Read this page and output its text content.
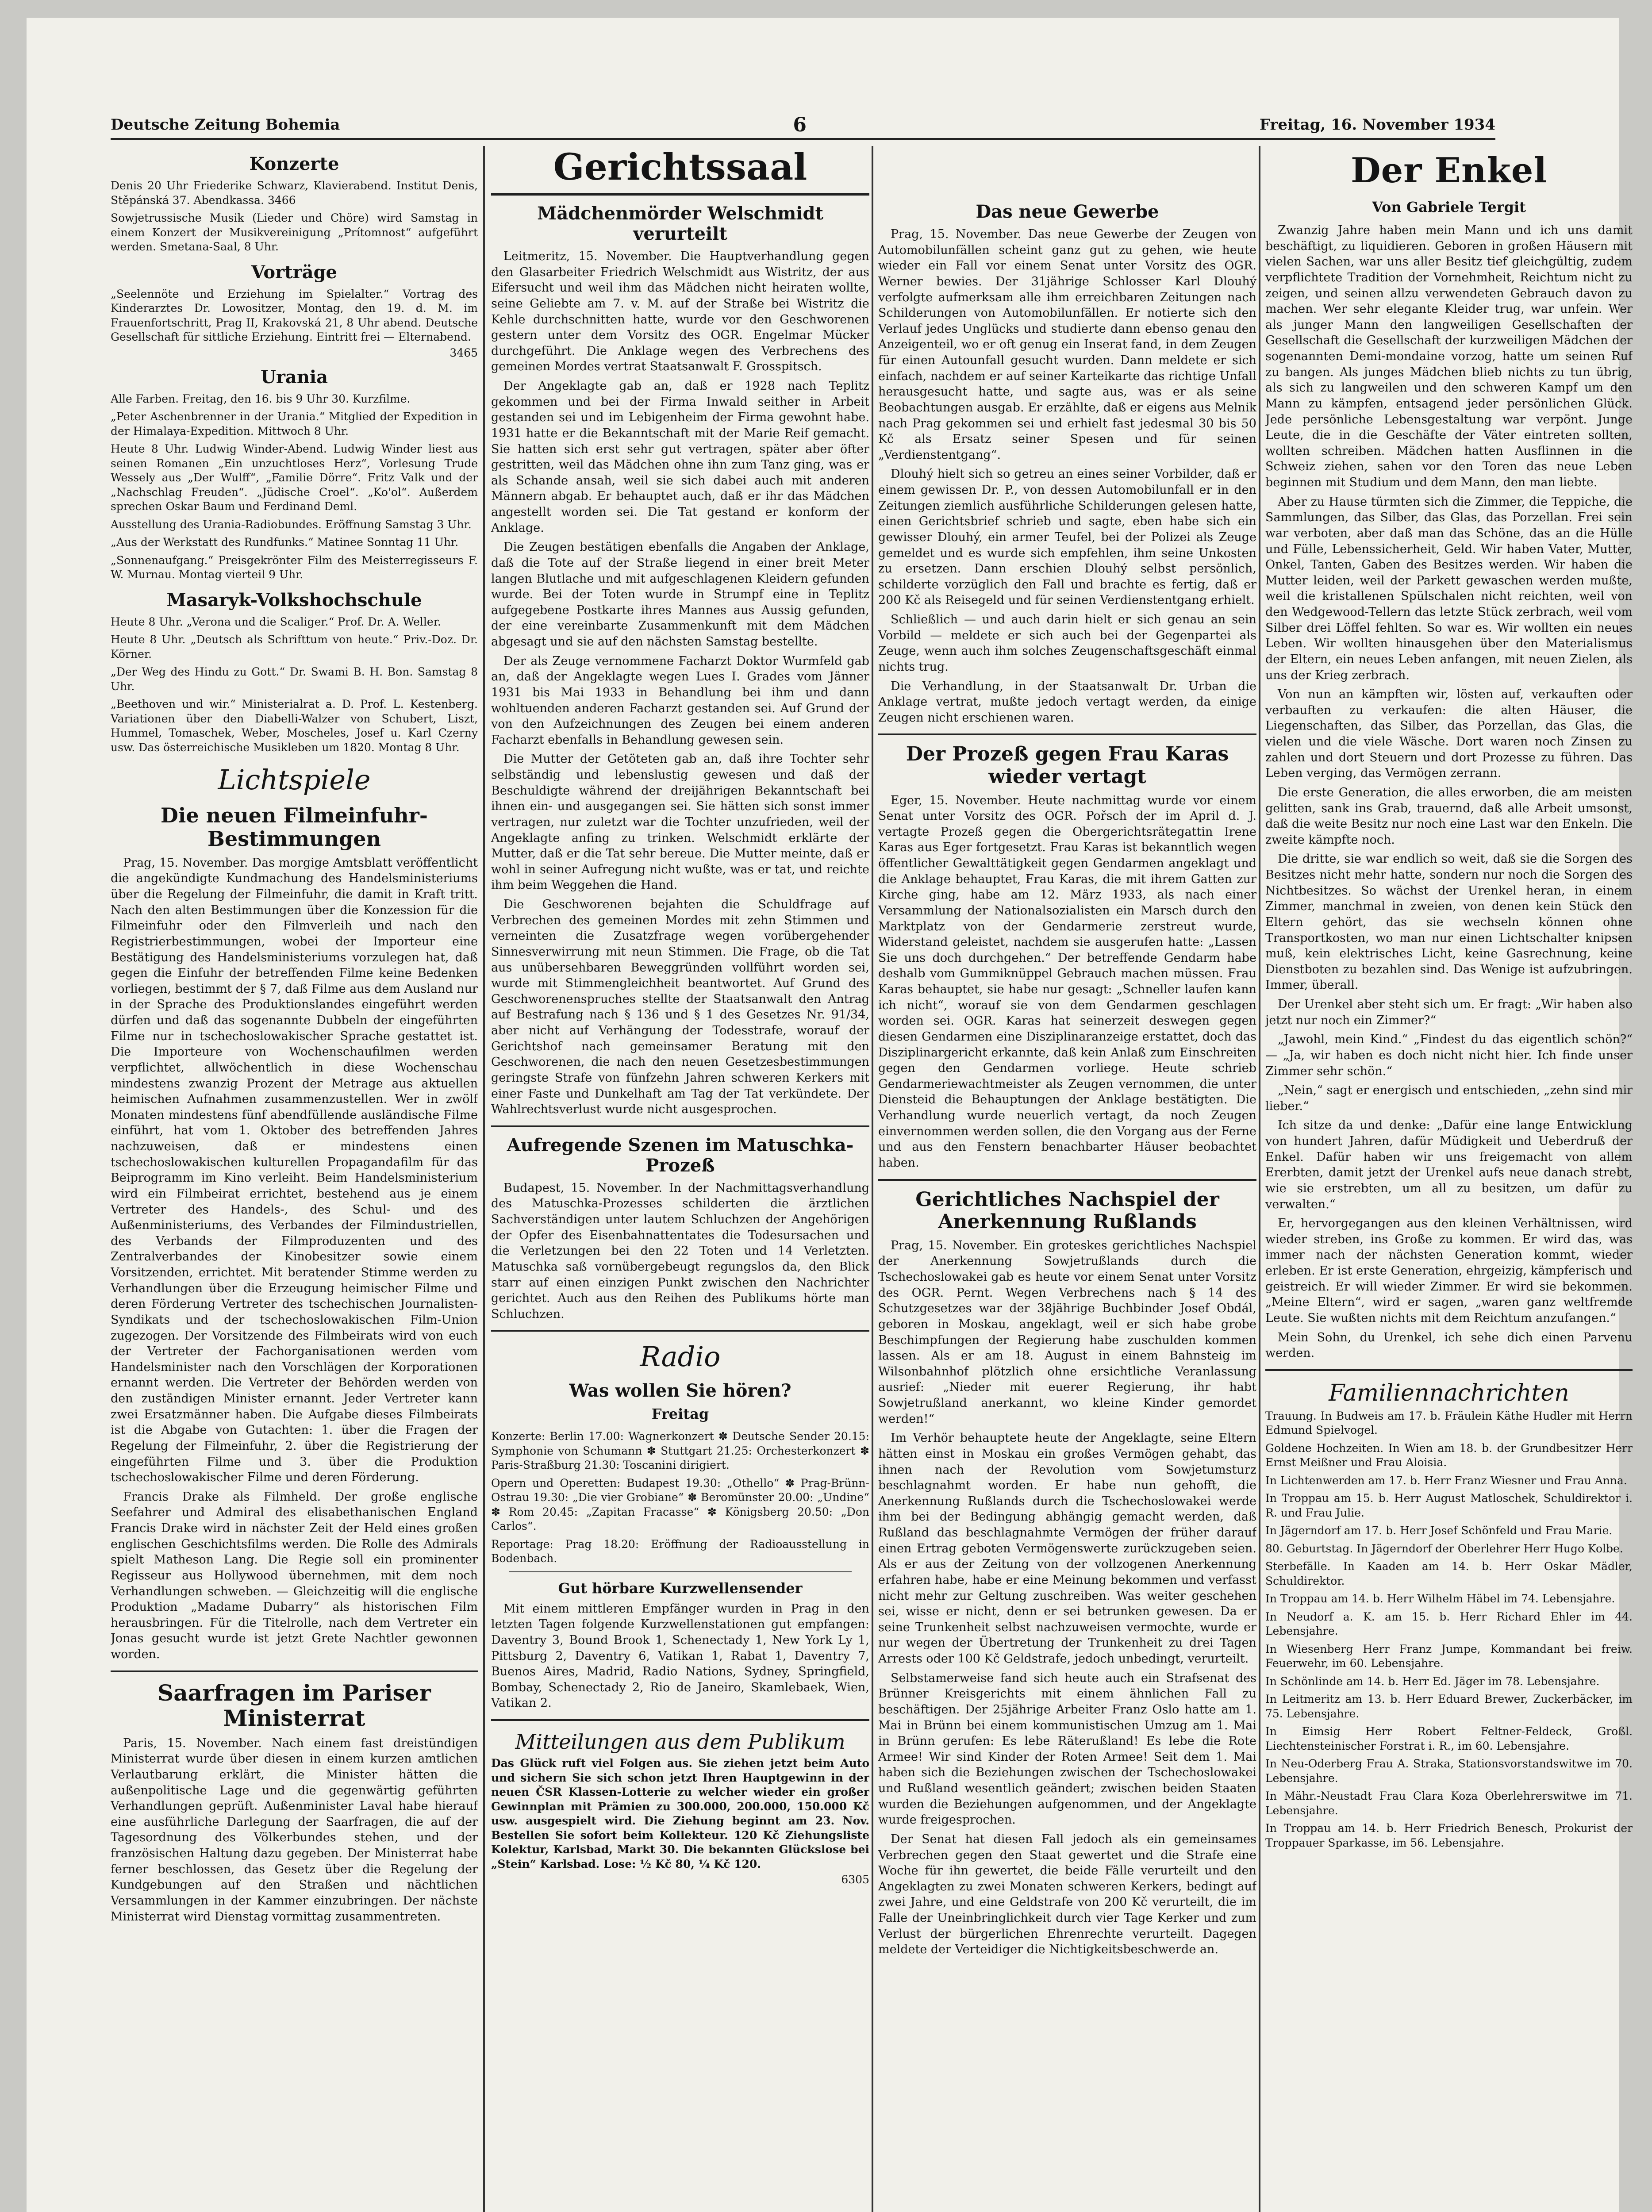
Deutsche Zeitung Bohemia	6	Freitag, 16. November 1934
Konzerte

Denis 20 Uhr Friederike Schwarz, Klavierabend. Institut Denis, Stěpánská 37. Abendkassa. 3466

Sowjetrussische Musik (Lieder und Chöre) wird Samstag in einem Konzert der Musikvereinigung „Prítomnost“ aufgeführt werden. Smetana-Saal, 8 Uhr.

Vorträge

„Seelennöte und Erziehung im Spielalter.“ Vortrag des Kinderarztes Dr. Lowositzer, Montag, den 19. d. M. im Frauenfortschritt, Prag II, Krakovská 21, 8 Uhr abend. Deutsche Gesellschaft für sittliche Erziehung. Eintritt frei — Elternabend.

3465
Urania

Alle Farben. Freitag, den 16. bis 9 Uhr 30. Kurzfilme.

„Peter Aschenbrenner in der Urania.“ Mitglied der Expedition in der Himalaya-Expedition. Mittwoch 8 Uhr.

Heute 8 Uhr. Ludwig Winder-Abend. Ludwig Winder liest aus seinen Romanen „Ein unzuchtloses Herz“, Vorlesung Trude Wessely aus „Der Wulff“, „Familie Dörre“. Fritz Valk und der „Nachschlag Freuden“. „Jüdische Croel“. „Ko'ol“. Außerdem sprechen Oskar Baum und Ferdinand Deml.

Ausstellung des Urania-Radiobundes. Eröffnung Samstag 3 Uhr.

„Aus der Werkstatt des Rundfunks.“ Matinee Sonntag 11 Uhr.

„Sonnenaufgang.“ Preisgekrönter Film des Meisterregisseurs F. W. Murnau. Montag vierteil 9 Uhr.

Masaryk-Volkshochschule

Heute 8 Uhr. „Verona und die Scaliger.“ Prof. Dr. A. Weller.

Heute 8 Uhr. „Deutsch als Schrifttum von heute.“ Priv.-Doz. Dr. Körner.

„Der Weg des Hindu zu Gott.“ Dr. Swami B. H. Bon. Samstag 8 Uhr.

„Beethoven und wir.“ Ministerialrat a. D. Prof. L. Kestenberg. Variationen über den Diabelli-Walzer von Schubert, Liszt, Hummel, Tomaschek, Weber, Moscheles, Josef u. Karl Czerny usw. Das österreichische Musikleben um 1820. Montag 8 Uhr.

Lichtspiele
Die neuen Filmeinfuhr-Bestimmungen

Prag, 15. November. Das morgige Amtsblatt veröffentlicht die angekündigte Kundmachung des Handelsministeriums über die Regelung der Filmeinfuhr, die damit in Kraft tritt. Nach den alten Bestimmungen über die Konzession für die Filmeinfuhr oder den Filmverleih und nach den Registrierbestimmungen, wobei der Importeur eine Bestätigung des Handelsministeriums vorzulegen hat, daß gegen die Einfuhr der betreffenden Filme keine Bedenken vorliegen, bestimmt der § 7, daß Filme aus dem Ausland nur in der Sprache des Produktionslandes eingeführt werden dürfen und daß das sogenannte Dubbeln der eingeführten Filme nur in tschechoslowakischer Sprache gestattet ist. Die Importeure von Wochenschaufilmen werden verpflichtet, allwöchentlich in diese Wochenschau mindestens zwanzig Prozent der Metrage aus aktuellen heimischen Aufnahmen zusammenzustellen. Wer in zwölf Monaten mindestens fünf abendfüllende ausländische Filme einführt, hat vom 1. Oktober des betreffenden Jahres nachzuweisen, daß er mindestens einen tschechoslowakischen kulturellen Propagandafilm für das Beiprogramm im Kino verleiht. Beim Handelsministerium wird ein Filmbeirat errichtet, bestehend aus je einem Vertreter des Handels-, des Schul- und des Außenministeriums, des Verbandes der Filmindustriellen, des Verbands der Filmproduzenten und des Zentralverbandes der Kinobesitzer sowie einem Vorsitzenden, errichtet. Mit beratender Stimme werden zu Verhandlungen über die Erzeugung heimischer Filme und deren Förderung Vertreter des tschechischen Journalisten-Syndikats und der tschechoslowakischen Film-Union zugezogen. Der Vorsitzende des Filmbeirats wird von euch der Vertreter der Fachorganisationen werden vom Handelsminister nach den Vorschlägen der Korporationen ernannt werden. Die Vertreter der Behörden werden von den zuständigen Minister ernannt. Jeder Vertreter kann zwei Ersatzmänner haben. Die Aufgabe dieses Filmbeirats ist die Abgabe von Gutachten: 1. über die Fragen der Regelung der Filmeinfuhr, 2. über die Registrierung der eingeführten Filme und 3. über die Produktion tschechoslowakischer Filme und deren Förderung.

Francis Drake als Filmheld. Der große englische Seefahrer und Admiral des elisabethanischen England Francis Drake wird in nächster Zeit der Held eines großen englischen Geschichtsfilms werden. Die Rolle des Admirals spielt Matheson Lang. Die Regie soll ein prominenter Regisseur aus Hollywood übernehmen, mit dem noch Verhandlungen schweben. — Gleichzeitig will die englische Produktion „Madame Dubarry“ als historischen Film herausbringen. Für die Titelrolle, nach dem Vertreter ein Jonas gesucht wurde ist jetzt Grete Nachtler gewonnen worden.

Saarfragen im Pariser Ministerrat

Paris, 15. November. Nach einem fast dreistündigen Ministerrat wurde über diesen in einem kurzen amtlichen Verlautbarung erklärt, die Minister hätten die außenpolitische Lage und die gegenwärtig geführten Verhandlungen geprüft. Außenminister Laval habe hierauf eine ausführliche Darlegung der Saarfragen, die auf der Tagesordnung des Völkerbundes stehen, und der französischen Haltung dazu gegeben. Der Ministerrat habe ferner beschlossen, das Gesetz über die Regelung der Kundgebungen auf den Straßen und nächtlichen Versammlungen in der Kammer einzubringen. Der nächste Ministerrat wird Dienstag vormittag zusammentreten.

Gerichtssaal
Mädchenmörder Welschmidt verurteilt

Leitmeritz, 15. November. Die Hauptverhandlung gegen den Glasarbeiter Friedrich Welschmidt aus Wistritz, der aus Eifersucht und weil ihm das Mädchen nicht heiraten wollte, seine Geliebte am 7. v. M. auf der Straße bei Wistritz die Kehle durchschnitten hatte, wurde vor den Geschworenen gestern unter dem Vorsitz des OGR. Engelmar Mücker durchgeführt. Die Anklage wegen des Verbrechens des gemeinen Mordes vertrat Staatsanwalt F. Grosspitsch.

Der Angeklagte gab an, daß er 1928 nach Teplitz gekommen und bei der Firma Inwald seither in Arbeit gestanden sei und im Lebigenheim der Firma gewohnt habe. 1931 hatte er die Bekanntschaft mit der Marie Reif gemacht. Sie hatten sich erst sehr gut vertragen, später aber öfter gestritten, weil das Mädchen ohne ihn zum Tanz ging, was er als Schande ansah, weil sie sich dabei auch mit anderen Männern abgab. Er behauptet auch, daß er ihr das Mädchen angestellt worden sei. Die Tat gestand er konform der Anklage.

Die Zeugen bestätigen ebenfalls die Angaben der Anklage, daß die Tote auf der Straße liegend in einer breit Meter langen Blutlache und mit aufgeschlagenen Kleidern gefunden wurde. Bei der Toten wurde in Strumpf eine in Teplitz aufgegebene Postkarte ihres Mannes aus Aussig gefunden, der eine vereinbarte Zusammenkunft mit dem Mädchen abgesagt und sie auf den nächsten Samstag bestellte.

Der als Zeuge vernommene Facharzt Doktor Wurmfeld gab an, daß der Angeklagte wegen Lues I. Grades vom Jänner 1931 bis Mai 1933 in Behandlung bei ihm und dann wohltuenden anderen Facharzt gestanden sei. Auf Grund der von den Aufzeichnungen des Zeugen bei einem anderen Facharzt ebenfalls in Behandlung gewesen sein.

Die Mutter der Getöteten gab an, daß ihre Tochter sehr selbständig und lebenslustig gewesen und daß der Beschuldigte während der dreijährigen Bekanntschaft bei ihnen ein- und ausgegangen sei. Sie hätten sich sonst immer vertragen, nur zuletzt war die Tochter unzufrieden, weil der Angeklagte anfing zu trinken. Welschmidt erklärte der Mutter, daß er die Tat sehr bereue. Die Mutter meinte, daß er wohl in seiner Aufregung nicht wußte, was er tat, und reichte ihm beim Weggehen die Hand.

Die Geschworenen bejahten die Schuldfrage auf Verbrechen des gemeinen Mordes mit zehn Stimmen und verneinten die Zusatzfrage wegen vorübergehender Sinnesverwirrung mit neun Stimmen. Die Frage, ob die Tat aus unübersehbaren Beweggründen vollführt worden sei, wurde mit Stimmengleichheit beantwortet. Auf Grund des Geschworenenspruches stellte der Staatsanwalt den Antrag auf Bestrafung nach § 136 und § 1 des Gesetzes Nr. 91/34, aber nicht auf Verhängung der Todesstrafe, worauf der Gerichtshof nach gemeinsamer Beratung mit den Geschworenen, die nach den neuen Gesetzesbestimmungen geringste Strafe von fünfzehn Jahren schweren Kerkers mit einer Faste und Dunkelhaft am Tag der Tat verkündete. Der Wahlrechtsverlust wurde nicht ausgesprochen.

Aufregende Szenen im Matuschka-Prozeß

Budapest, 15. November. In der Nachmittagsverhandlung des Matuschka-Prozesses schilderten die ärztlichen Sachverständigen unter lautem Schluchzen der Angehörigen der Opfer des Eisenbahnattentates die Todesursachen und die Verletzungen bei den 22 Toten und 14 Verletzten. Matuschka saß vornübergebeugt regungslos da, den Blick starr auf einen einzigen Punkt zwischen den Nachrichter gerichtet. Auch aus den Reihen des Publikums hörte man Schluchzen.

Radio
Was wollen Sie hören?
Freitag

Konzerte: Berlin 17.00: Wagnerkonzert ✽ Deutsche Sender 20.15: Symphonie von Schumann ✽ Stuttgart 21.25: Orchesterkonzert ✽ Paris-Straßburg 21.30: Toscanini dirigiert.

Opern und Operetten: Budapest 19.30: „Othello“ ✽ Prag-Brünn-Ostrau 19.30: „Die vier Grobiane“ ✽ Beromünster 20.00: „Undine“ ✽ Rom 20.45: „Zapitan Fracasse“ ✽ Königsberg 20.50: „Don Carlos“.

Reportage: Prag 18.20: Eröffnung der Radioausstellung in Bodenbach.

Gut hörbare Kurzwellensender

Mit einem mittleren Empfänger wurden in Prag in den letzten Tagen folgende Kurzwellenstationen gut empfangen: Daventry 3, Bound Brook 1, Schenectady 1, New York Ly 1, Pittsburg 2, Daventry 6, Vatikan 1, Rabat 1, Daventry 7, Buenos Aires, Madrid, Radio Nations, Sydney, Springfield, Bombay, Schenectady 2, Rio de Janeiro, Skamlebaek, Wien, Vatikan 2.

Mitteilungen aus dem Publikum

Das Glück ruft viel Folgen aus. Sie ziehen jetzt beim Auto und sichern Sie sich schon jetzt Ihren Hauptgewinn in der neuen ČSR Klassen-Lotterie zu welcher wieder ein großer Gewinnplan mit Prämien zu 300.000, 200.000, 150.000 Kč usw. ausgespielt wird. Die Ziehung beginnt am 23. Nov. Bestellen Sie sofort beim Kollekteur. 120 Kč Ziehungsliste Kolektur, Karlsbad, Markt 30. Die bekannten Glückslose bei „Stein“ Karlsbad. Lose: ½ Kč 80, ¼ Kč 120.

6305
Das neue Gewerbe

Prag, 15. November. Das neue Gewerbe der Zeugen von Automobilunfällen scheint ganz gut zu gehen, wie heute wieder ein Fall vor einem Senat unter Vorsitz des OGR. Werner bewies. Der 31jährige Schlosser Karl Dlouhý verfolgte aufmerksam alle ihm erreichbaren Zeitungen nach Schilderungen von Automobilunfällen. Er notierte sich den Verlauf jedes Unglücks und studierte dann ebenso genau den Anzeigenteil, wo er oft genug ein Inserat fand, in dem Zeugen für einen Autounfall gesucht wurden. Dann meldete er sich einfach, nachdem er auf seiner Karteikarte das richtige Unfall herausgesucht hatte, und sagte aus, was er als seine Beobachtungen ausgab. Er erzählte, daß er eigens aus Melnik nach Prag gekommen sei und erhielt fast jedesmal 30 bis 50 Kč als Ersatz seiner Spesen und für seinen „Verdienstentgang“.

Dlouhý hielt sich so getreu an eines seiner Vorbilder, daß er einem gewissen Dr. P., von dessen Automobilunfall er in den Zeitungen ziemlich ausführliche Schilderungen gelesen hatte, einen Gerichtsbrief schrieb und sagte, eben habe sich ein gewisser Dlouhý, ein armer Teufel, bei der Polizei als Zeuge gemeldet und es wurde sich empfehlen, ihm seine Unkosten zu ersetzen. Dann erschien Dlouhý selbst persönlich, schilderte vorzüglich den Fall und brachte es fertig, daß er 200 Kč als Reisegeld und für seinen Verdienstentgang erhielt.

Schließlich — und auch darin hielt er sich genau an sein Vorbild — meldete er sich auch bei der Gegenpartei als Zeuge, wenn auch ihm solches Zeugenschaftsgeschäft einmal nichts trug.

Die Verhandlung, in der Staatsanwalt Dr. Urban die Anklage vertrat, mußte jedoch vertagt werden, da einige Zeugen nicht erschienen waren.

Der Prozeß gegen Frau Karas wieder vertagt

Eger, 15. November. Heute nachmittag wurde vor einem Senat unter Vorsitz des OGR. Pořsch der im April d. J. vertagte Prozeß gegen die Obergerichtsrätegattin Irene Karas aus Eger fortgesetzt. Frau Karas ist bekanntlich wegen öffentlicher Gewalttätigkeit gegen Gendarmen angeklagt und die Anklage behauptet, Frau Karas, die mit ihrem Gatten zur Kirche ging, habe am 12. März 1933, als nach einer Versammlung der Nationalsozialisten ein Marsch durch den Marktplatz von der Gendarmerie zerstreut wurde, Widerstand geleistet, nachdem sie ausgerufen hatte: „Lassen Sie uns doch durchgehen.“ Der betreffende Gendarm habe deshalb vom Gummiknüppel Gebrauch machen müssen. Frau Karas behauptet, sie habe nur gesagt: „Schneller laufen kann ich nicht“, worauf sie von dem Gendarmen geschlagen worden sei. OGR. Karas hat seinerzeit deswegen gegen diesen Gendarmen eine Disziplinaranzeige erstattet, doch das Disziplinargericht erkannte, daß kein Anlaß zum Einschreiten gegen den Gendarmen vorliege. Heute schrieb Gendarmeriewachtmeister als Zeugen vernommen, die unter Diensteid die Behauptungen der Anklage bestätigten. Die Verhandlung wurde neuerlich vertagt, da noch Zeugen einvernommen werden sollen, die den Vorgang aus der Ferne und aus den Fenstern benachbarter Häuser beobachtet haben.

Gerichtliches Nachspiel der Anerkennung Rußlands

Prag, 15. November. Ein groteskes gerichtliches Nachspiel der Anerkennung Sowjetrußlands durch die Tschechoslowakei gab es heute vor einem Senat unter Vorsitz des OGR. Pernt. Wegen Verbrechens nach § 14 des Schutzgesetzes war der 38jährige Buchbinder Josef Obdál, geboren in Moskau, angeklagt, weil er sich habe grobe Beschimpfungen der Regierung habe zuschulden kommen lassen. Als er am 18. August in einem Bahnsteig im Wilsonbahnhof plötzlich ohne ersichtliche Veranlassung ausrief: „Nieder mit euerer Regierung, ihr habt Sowjetrußland anerkannt, wo kleine Kinder gemordet werden!“

Im Verhör behauptete heute der Angeklagte, seine Eltern hätten einst in Moskau ein großes Vermögen gehabt, das ihnen nach der Revolution vom Sowjetumsturz beschlagnahmt worden. Er habe nun gehofft, die Anerkennung Rußlands durch die Tschechoslowakei werde ihm bei der Bedingung abhängig gemacht werden, daß Rußland das beschlagnahmte Vermögen der früher darauf einen Ertrag geboten Vermögenswerte zurückzugeben seien. Als er aus der Zeitung von der vollzogenen Anerkennung erfahren habe, habe er eine Meinung bekommen und verfasst nicht mehr zur Geltung zuschreiben. Was weiter geschehen sei, wisse er nicht, denn er sei betrunken gewesen. Da er seine Trunkenheit selbst nachzuweisen vermochte, wurde er nur wegen der Übertretung der Trunkenheit zu drei Tagen Arrests oder 100 Kč Geldstrafe, jedoch unbedingt, verurteilt.

Selbstamerweise fand sich heute auch ein Strafsenat des Brünner Kreisgerichts mit einem ähnlichen Fall zu beschäftigen. Der 25jährige Arbeiter Franz Oslo hatte am 1. Mai in Brünn bei einem kommunistischen Umzug am 1. Mai in Brünn gerufen: Es lebe Räterußland! Es lebe die Rote Armee! Wir sind Kinder der Roten Armee! Seit dem 1. Mai haben sich die Beziehungen zwischen der Tschechoslowakei und Rußland wesentlich geändert; zwischen beiden Staaten wurden die Beziehungen aufgenommen, und der Angeklagte wurde freigesprochen.

Der Senat hat diesen Fall jedoch als ein gemeinsames Verbrechen gegen den Staat gewertet und die Strafe eine Woche für ihn gewertet, die beide Fälle verurteilt und den Angeklagten zu zwei Monaten schweren Kerkers, bedingt auf zwei Jahre, und eine Geldstrafe von 200 Kč verurteilt, die im Falle der Uneinbringlichkeit durch vier Tage Kerker und zum Verlust der bürgerlichen Ehrenrechte verurteilt. Dagegen meldete der Verteidiger die Nichtigkeitsbeschwerde an.

Der Enkel
Von Gabriele Tergit

Zwanzig Jahre haben mein Mann und ich uns damit beschäftigt, zu liquidieren. Geboren in großen Häusern mit vielen Sachen, war uns aller Besitz tief gleichgültig, zudem verpflichtete Tradition der Vornehmheit, Reichtum nicht zu zeigen, und seinen allzu verwendeten Gebrauch davon zu machen. Wer sehr elegante Kleider trug, war unfein. Wer als junger Mann den langweiligen Gesellschaften der Gesellschaft die Gesellschaft der kurzweiligen Mädchen der sogenannten Demi-mondaine vorzog, hatte um seinen Ruf zu bangen. Als junges Mädchen blieb nichts zu tun übrig, als sich zu langweilen und den schweren Kampf um den Mann zu kämpfen, entsagend jeder persönlichen Glück. Jede persönliche Lebensgestaltung war verpönt. Junge Leute, die in die Geschäfte der Väter eintreten sollten, wollten schreiben. Mädchen hatten Ausflinnen in die Schweiz ziehen, sahen vor den Toren das neue Leben beginnen mit Studium und dem Mann, den man liebte.

Aber zu Hause türmten sich die Zimmer, die Teppiche, die Sammlungen, das Silber, das Glas, das Porzellan. Frei sein war verboten, aber daß man das Schöne, das an die Hülle und Fülle, Lebenssicherheit, Geld. Wir haben Vater, Mutter, Onkel, Tanten, Gaben des Besitzes werden. Wir haben die Mutter leiden, weil der Parkett gewaschen werden mußte, weil die kristallenen Spülschalen nicht reichten, weil von den Wedgewood-Tellern das letzte Stück zerbrach, weil vom Silber drei Löffel fehlten. So war es. Wir wollten ein neues Leben. Wir wollten hinausgehen über den Materialismus der Eltern, ein neues Leben anfangen, mit neuen Zielen, als uns der Krieg zerbrach.

Von nun an kämpften wir, lösten auf, verkauften oder verbauften zu verkaufen: die alten Häuser, die Liegenschaften, das Silber, das Porzellan, das Glas, die vielen und die viele Wäsche. Dort waren noch Zinsen zu zahlen und dort Steuern und dort Prozesse zu führen. Das Leben verging, das Vermögen zerrann.

Die erste Generation, die alles erworben, die am meisten gelitten, sank ins Grab, trauernd, daß alle Arbeit umsonst, daß die weite Besitz nur noch eine Last war den Enkeln. Die zweite kämpfte noch.

Die dritte, sie war endlich so weit, daß sie die Sorgen des Besitzes nicht mehr hatte, sondern nur noch die Sorgen des Nichtbesitzes. So wächst der Urenkel heran, in einem Zimmer, manchmal in zweien, von denen kein Stück den Eltern gehört, das sie wechseln können ohne Transportkosten, wo man nur einen Lichtschalter knipsen muß, kein elektrisches Licht, keine Gasrechnung, keine Dienstboten zu bezahlen sind. Das Wenige ist aufzubringen. Immer, überall.

Der Urenkel aber steht sich um. Er fragt: „Wir haben also jetzt nur noch ein Zimmer?“

„Jawohl, mein Kind.“ „Findest du das eigentlich schön?“ — „Ja, wir haben es doch nicht nicht hier. Ich finde unser Zimmer sehr schön.“

„Nein,“ sagt er energisch und entschieden, „zehn sind mir lieber.“

Ich sitze da und denke: „Dafür eine lange Entwicklung von hundert Jahren, dafür Müdigkeit und Ueberdruß der Enkel. Dafür haben wir uns freigemacht von allem Ererbten, damit jetzt der Urenkel aufs neue danach strebt, wie sie erstrebten, um all zu besitzen, um dafür zu verwalten.“

Er, hervorgegangen aus den kleinen Verhältnissen, wird wieder streben, ins Große zu kommen. Er wird das, was immer nach der nächsten Generation kommt, wieder erleben. Er ist erste Generation, ehrgeizig, kämpferisch und geistreich. Er will wieder Zimmer. Er wird sie bekommen. „Meine Eltern“, wird er sagen, „waren ganz weltfremde Leute. Sie wußten nichts mit dem Reichtum anzufangen.“

Mein Sohn, du Urenkel, ich sehe dich einen Parvenu werden.

Familiennachrichten

Trauung. In Budweis am 17. b. Fräulein Käthe Hudler mit Herrn Edmund Spielvogel.

Goldene Hochzeiten. In Wien am 18. b. der Grundbesitzer Herr Ernst Meißner und Frau Aloisia.

In Lichtenwerden am 17. b. Herr Franz Wiesner und Frau Anna.

In Troppau am 15. b. Herr August Matloschek, Schuldirektor i. R. und Frau Julie.

In Jägerndorf am 17. b. Herr Josef Schönfeld und Frau Marie.

80. Geburtstag. In Jägerndorf der Oberlehrer Herr Hugo Kolbe.

Sterbefälle. In Kaaden am 14. b. Herr Oskar Mädler, Schuldirektor.

In Troppau am 14. b. Herr Wilhelm Häbel im 74. Lebensjahre.

In Neudorf a. K. am 15. b. Herr Richard Ehler im 44. Lebensjahre.

In Wiesenberg Herr Franz Jumpe, Kommandant bei freiw. Feuerwehr, im 60. Lebensjahre.

In Schönlinde am 14. b. Herr Ed. Jäger im 78. Lebensjahre.

In Leitmeritz am 13. b. Herr Eduard Brewer, Zuckerbäcker, im 75. Lebensjahre.

In Eimsig Herr Robert Feltner-Feldeck, Großl. Liechtensteinischer Forstrat i. R., im 60. Lebensjahre.

In Neu-Oderberg Frau A. Straka, Stationsvorstandswitwe im 70. Lebensjahre.

In Mähr.-Neustadt Frau Clara Koza Oberlehrerswitwe im 71. Lebensjahre.

In Troppau am 14. b. Herr Friedrich Benesch, Prokurist der Troppauer Sparkasse, im 56. Lebensjahre.
